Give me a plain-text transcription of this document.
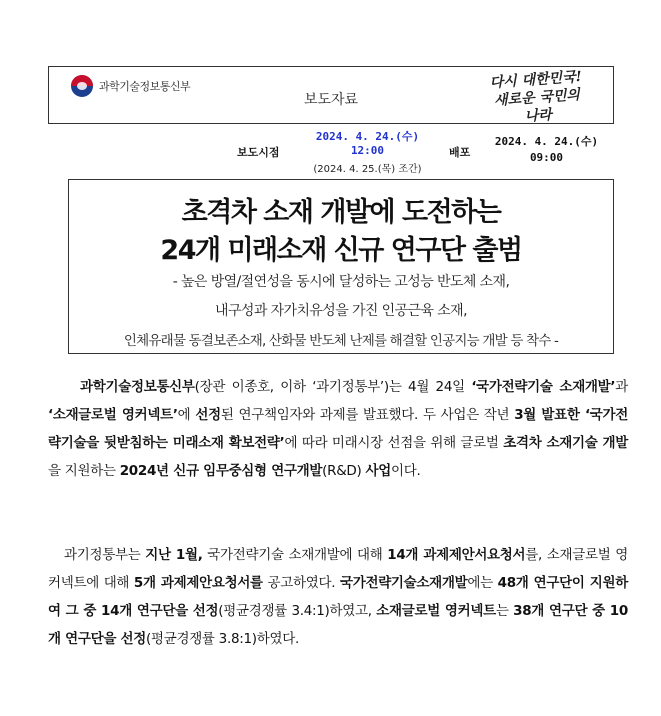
과학기술정보통신부
보도자료
다시 대한민국!
새로운 국민의 나라
보도시점
2024. 4. 24.(수)
12:00
(2024. 4. 25.(목) 조간)
배포
2024. 4. 24.(수)
09:00
초격차 소재 개발에 도전하는
24개 미래소재 신규 연구단 출범
- 높은 방열/절연성을 동시에 달성하는 고성능 반도체 소재,
내구성과 자가치유성을 가진 인공근육 소재,
인체유래물 동결보존소재, 산화물 반도체 난제를 해결할 인공지능 개발 등 착수 -
과학기술정보통신부(장관 이종호, 이하 ‘과기정통부’)는 4월 24일 ‘국가전략기술 소재개발’과 ‘소재글로벌 영커넥트’에 선정된 연구책임자와 과제를 발표했다. 두 사업은 작년 3월 발표한 ‘국가전략기술을 뒷받침하는 미래소재 확보전략’에 따라 미래시장 선점을 위해 글로벌 초격차 소재기술 개발을 지원하는 2024년 신규 임무중심형 연구개발(R&D) 사업이다.
과기정통부는 지난 1월, 국가전략기술 소재개발에 대해 14개 과제제안서요청서를, 소재글로벌 영커넥트에 대해 5개 과제제안요청서를 공고하였다. 국가전략기술소재개발에는 48개 연구단이 지원하여 그 중 14개 연구단을 선정(평균경쟁률 3.4:1)하였고, 소재글로벌 영커넥트는 38개 연구단 중 10개 연구단을 선정(평균경쟁률 3.8:1)하였다.
